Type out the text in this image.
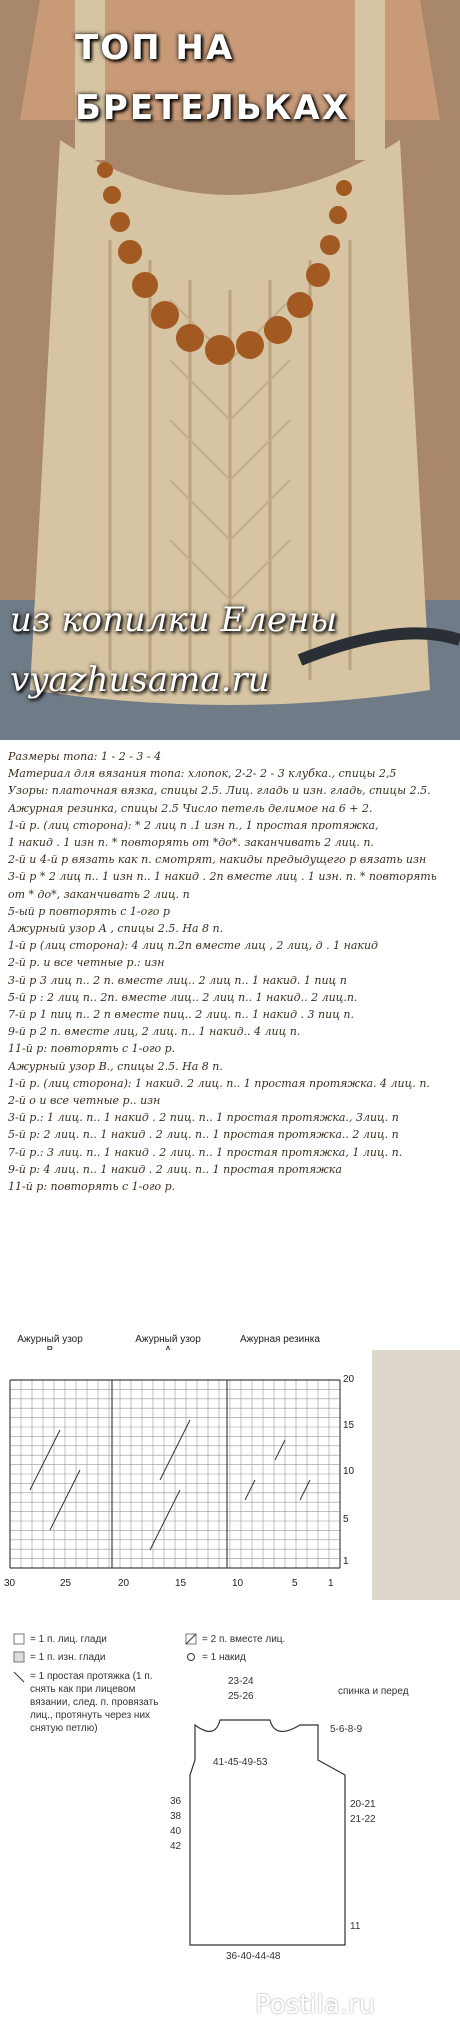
ТОП НА
БРЕТЕЛЬКАХ
из копилки Елены
vyazhusama.ru
Размеры топа: 1 - 2 - 3 - 4
Материал для вязания топа: хлопок, 2-2- 2 - 3 клубка., спицы 2,5
Узоры: платочная вязка, спицы 2.5. Лиц. гладь и изн. гладь, спицы 2.5.
Ажурная резинка, спицы 2.5 Число петель делимое на 6 + 2.
1-й р. (лиц сторона): * 2 лиц п .1 изн п., 1 простая протяжка,
1 накид . 1 изн п. * повторять от *до*. заканчивать 2 лиц. п.
2-й и 4-й р вязать как п. смотрят, накиды предыдущего р вязать изн
3-й р * 2 лиц п.. 1 изн п.. 1 накид . 2п вместе лиц . 1 изн. п. * повторять
от * до*, заканчивать 2 лиц. п
5-ый р повторять с 1-ого р
Ажурный узор А , спицы 2.5. На 8 п.
1-й р (лиц сторона): 4 лиц п.2п вместе лиц , 2 лиц, д . 1 накид
2-й р. и все четные р.: изн
3-й р 3 лиц п.. 2 п. вместе лиц.. 2 лиц п.. 1 накид. 1 пиц п
5-й р : 2 лиц п.. 2п. вместе лиц.. 2 лиц п.. 1 накид.. 2 лиц.п.
7-й р 1 пиц п.. 2 п вместе пиц.. 2 лиц. п.. 1 накид . 3 пиц п.
9-й р 2 п. вместе лиц, 2 лиц. п.. 1 накид.. 4 лиц п.
11-й р: повторять с 1-ого р.
Ажурный узор В., спицы 2.5. На 8 п.
1-й р. (лиц сторона): 1 накид. 2 лиц. п.. 1 простая протяжка. 4 лиц. п.
2-й о и все четные р.. изн
3-й р.: 1 лиц. п.. 1 накид . 2 пиц. п.. 1 простая протяжка., 3лиц. п
5-й р: 2 лиц. п.. 1 накид . 2 лиц. п.. 1 простая протяжка.. 2 лиц. п
7-й р.: 3 лиц. п.. 1 накид . 2 лиц. п.. 1 простая протяжка, 1 лиц. п.
9-й р: 4 лиц. п.. 1 накид . 2 лиц. п.. 1 простая протяжка
11-й р: повторять с 1-ого р.
Ажурный узор	Ажурный узор	Ажурная резинка
20
15
10
5
1
30	25	20	15	10	5	1
= 1 п. лиц. глади
= 1 п. изн. глади
= 1 простая протяжка (1 п. снять как при лицевом вязании, след. п. провязать лиц., протянуть через них снятую петлю)
= 2 п. вместе лиц.
= 1 накид
спинка и перед
23-24
25-26
5-6-8-9
41-45-49-53
20-21
21-22
36
38
40
42
11
36-40-44-48
Postila.ru
